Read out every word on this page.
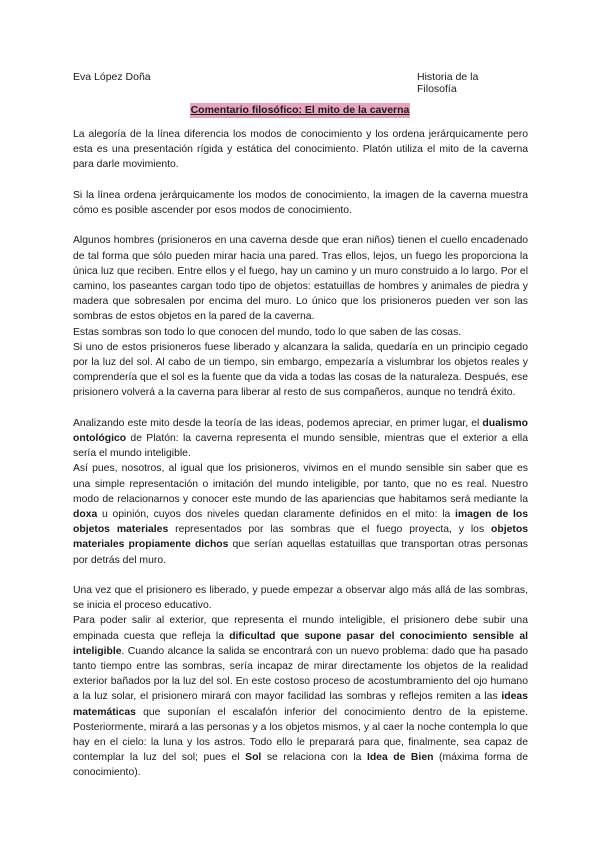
Eva López Doña	Historia de la Filosofía
Comentario filosófico: El mito de la caverna

La alegoría de la línea diferencia los modos de conocimiento y los ordena jerárquicamente pero esta es una presentación rígida y estática del conocimiento. Platón utiliza el mito de la caverna para darle movimiento.

Si la línea ordena jerárquicamente los modos de conocimiento, la imagen de la caverna muestra cómo es posible ascender por esos modos de conocimiento.

Algunos hombres (prisioneros en una caverna desde que eran niños) tienen el cuello encadenado de tal forma que sólo pueden mirar hacia una pared. Tras ellos, lejos, un fuego les proporciona la única luz que reciben. Entre ellos y el fuego, hay un camino y un muro construido a lo largo. Por el camino, los paseantes cargan todo tipo de objetos: estatuillas de hombres y animales de piedra y madera que sobresalen por encima del muro. Lo único que los prisioneros pueden ver son las sombras de estos objetos en la pared de la caverna.

Estas sombras son todo lo que conocen del mundo, todo lo que saben de las cosas.

Si uno de estos prisioneros fuese liberado y alcanzara la salida, quedaría en un principio cegado por la luz del sol. Al cabo de un tiempo, sin embargo, empezaría a vislumbrar los objetos reales y comprendería que el sol es la fuente que da vida a todas las cosas de la naturaleza. Después, ese prisionero volverá a la caverna para liberar al resto de sus compañeros, aunque no tendrá éxito.

Analizando este mito desde la teoría de las ideas, podemos apreciar, en primer lugar, el dualismo ontológico de Platón: la caverna representa el mundo sensible, mientras que el exterior a ella sería el mundo inteligible.

Así pues, nosotros, al igual que los prisioneros, vivimos en el mundo sensible sin saber que es una simple representación o imitación del mundo inteligible, por tanto, que no es real. Nuestro modo de relacionarnos y conocer este mundo de las apariencias que habitamos será mediante la doxa u opinión, cuyos dos niveles quedan claramente definidos en el mito: la imagen de los objetos materiales representados por las sombras que el fuego proyecta, y los objetos materiales propiamente dichos que serían aquellas estatuillas que transportan otras personas por detrás del muro.

Una vez que el prisionero es liberado, y puede empezar a observar algo más allá de las sombras, se inicia el proceso educativo.

Para poder salir al exterior, que representa el mundo inteligible, el prisionero debe subir una empinada cuesta que refleja la dificultad que supone pasar del conocimiento sensible al inteligible. Cuando alcance la salida se encontrará con un nuevo problema: dado que ha pasado tanto tiempo entre las sombras, sería incapaz de mirar directamente los objetos de la realidad exterior bañados por la luz del sol. En este costoso proceso de acostumbramiento del ojo humano a la luz solar, el prisionero mirará con mayor facilidad las sombras y reflejos remiten a las ideas matemáticas que suponían el escalafón inferior del conocimiento dentro de la episteme. Posteriormente, mirará a las personas y a los objetos mismos, y al caer la noche contempla lo que hay en el cielo: la luna y los astros. Todo ello le preparará para que, finalmente, sea capaz de contemplar la luz del sol; pues el Sol se relaciona con la Idea de Bien (máxima forma de conocimiento).
